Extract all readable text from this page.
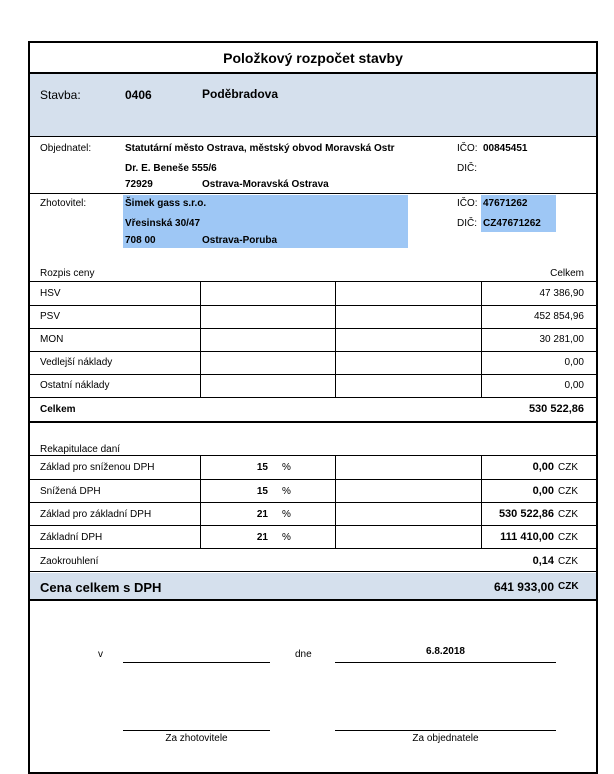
Položkový rozpočet stavby
Stavba:	0406	Poděbradova
Objednatel:	Statutární město Ostrava, městský obvod Moravská Ostr
Dr. E. Beneše 555/6
72929	Ostrava-Moravská Ostrava
IČO: 00845451
DIČ:
Zhotovitel:	Šimek gass s.r.o.
Vřesinská 30/47
708 00	Ostrava-Poruba
IČO: 47671262
DIČ: CZ47671262
Rozpis ceny	Celkem
HSV	47 386,90
PSV	452 854,96
MON	30 281,00
Vedlejší náklady	0,00
Ostatní náklady	0,00
Celkem	530 522,86
Rekapitulace daní
Základ pro sníženou DPH	15 %	0,00 CZK
Snížená DPH	15 %	0,00 CZK
Základ pro základní DPH	21 %	530 522,86 CZK
Základní DPH	21 %	111 410,00 CZK
Zaokrouhlení	0,14 CZK
Cena celkem s DPH	641 933,00 CZK
v	dne	6.8.2018
Za zhotovitele	Za objednatele
